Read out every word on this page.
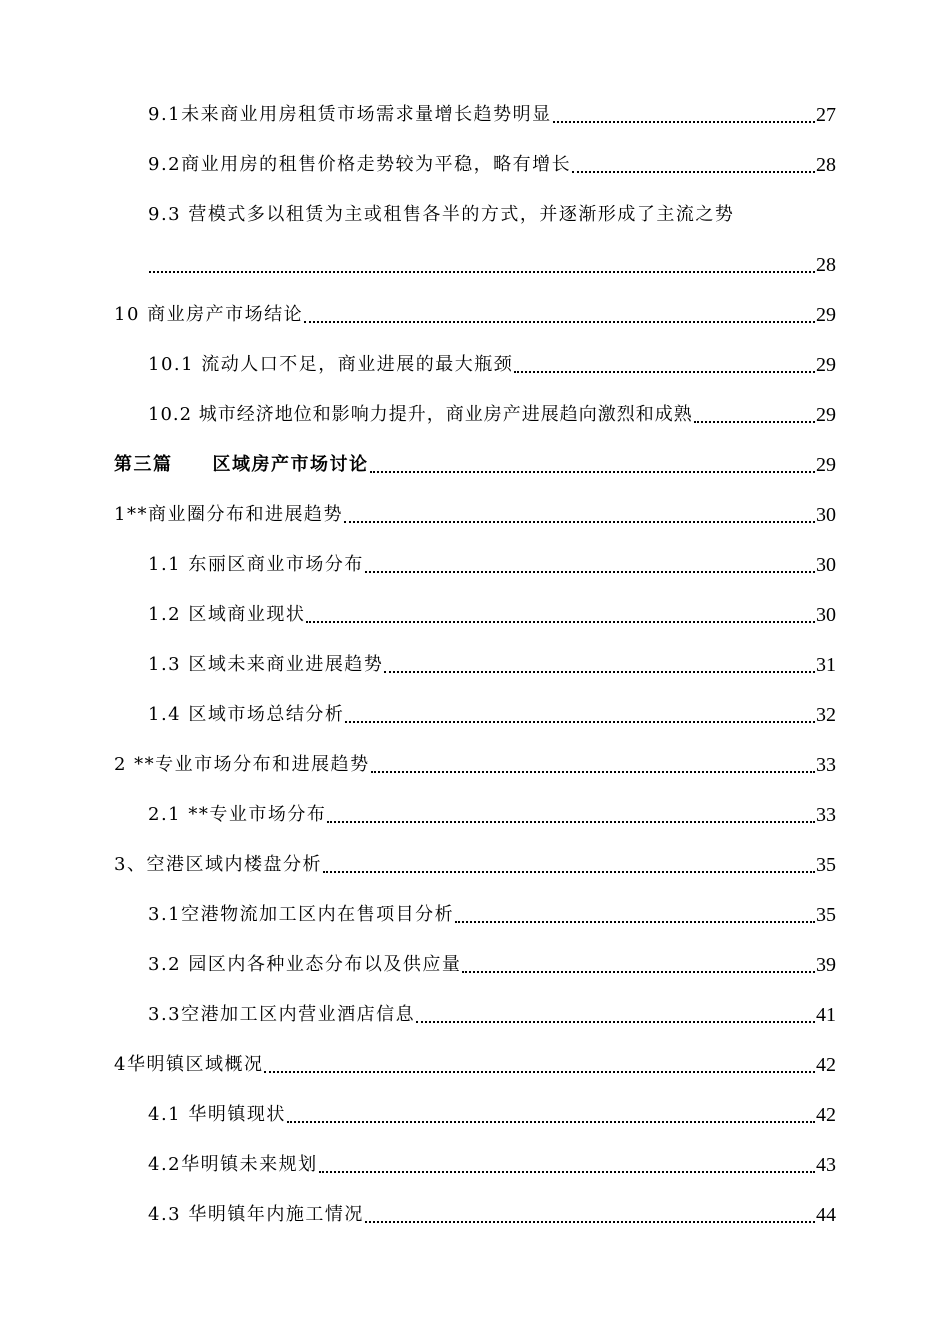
9.1未来商业用房租赁市场需求量增长趋势明显	27
9.2商业用房的租售价格走势较为平稳，略有增长	28
9.3 营模式多以租赁为主或租售各半的方式，并逐渐形成了主流之势
28
10 商业房产市场结论	29
10.1 流动人口不足，商业进展的最大瓶颈	29
10.2 城市经济地位和影响力提升，商业房产进展趋向激烈和成熟	29
第三篇 区域房产市场讨论	29
1**商业圈分布和进展趋势	30
1.1 东丽区商业市场分布	30
1.2 区域商业现状	30
1.3 区域未来商业进展趋势	31
1.4 区域市场总结分析	32
2 **专业市场分布和进展趋势	33
2.1 **专业市场分布	33
3、空港区域内楼盘分析	35
3.1空港物流加工区内在售项目分析	35
3.2 园区内各种业态分布以及供应量	39
3.3空港加工区内营业酒店信息	41
4华明镇区域概况	42
4.1 华明镇现状	42
4.2华明镇未来规划	43
4.3 华明镇年内施工情况	44
